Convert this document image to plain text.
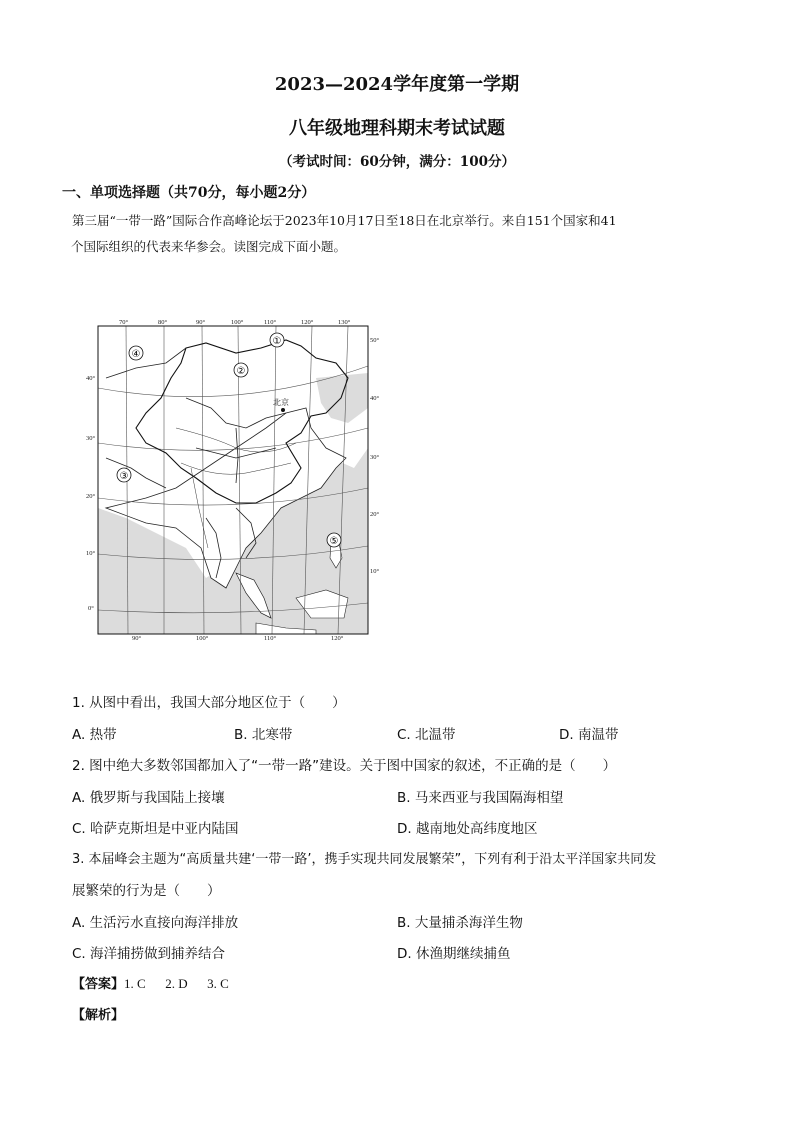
2023—2024学年度第一学期
八年级地理科期末考试试题
（考试时间：60分钟，满分：100分）
一、单项选择题（共70分，每小题2分）
第三届“一带一路”国际合作高峰论坛于2023年10月17日至18日在北京举行。来自151个国家和41
个国际组织的代表来华参会。读图完成下面小题。
北京
①
②
③
④
⑤
70°	80°	90°	100°	110°	120°	130°
90°	100°	110°	120°
40°
30°
20°
10°
0°
50°
40°
30°
20°
10°
1. 从图中看出，我国大部分地区位于（　　）
A. 热带	B. 北寒带	C. 北温带	D. 南温带
2. 图中绝大多数邻国都加入了“一带一路”建设。关于图中国家的叙述，不正确的是（　　）
A. 俄罗斯与我国陆上接壤	B. 马来西亚与我国隔海相望
C. 哈萨克斯坦是中亚内陆国	D. 越南地处高纬度地区
3. 本届峰会主题为“高质量共建‘一带一路’，携手实现共同发展繁荣”，下列有利于沿太平洋国家共同发
展繁荣的行为是（　　）
A. 生活污水直接向海洋排放	B. 大量捕杀海洋生物
C. 海洋捕捞做到捕养结合	D. 休渔期继续捕鱼
【答案】1. C   2. D   3. C
【解析】
